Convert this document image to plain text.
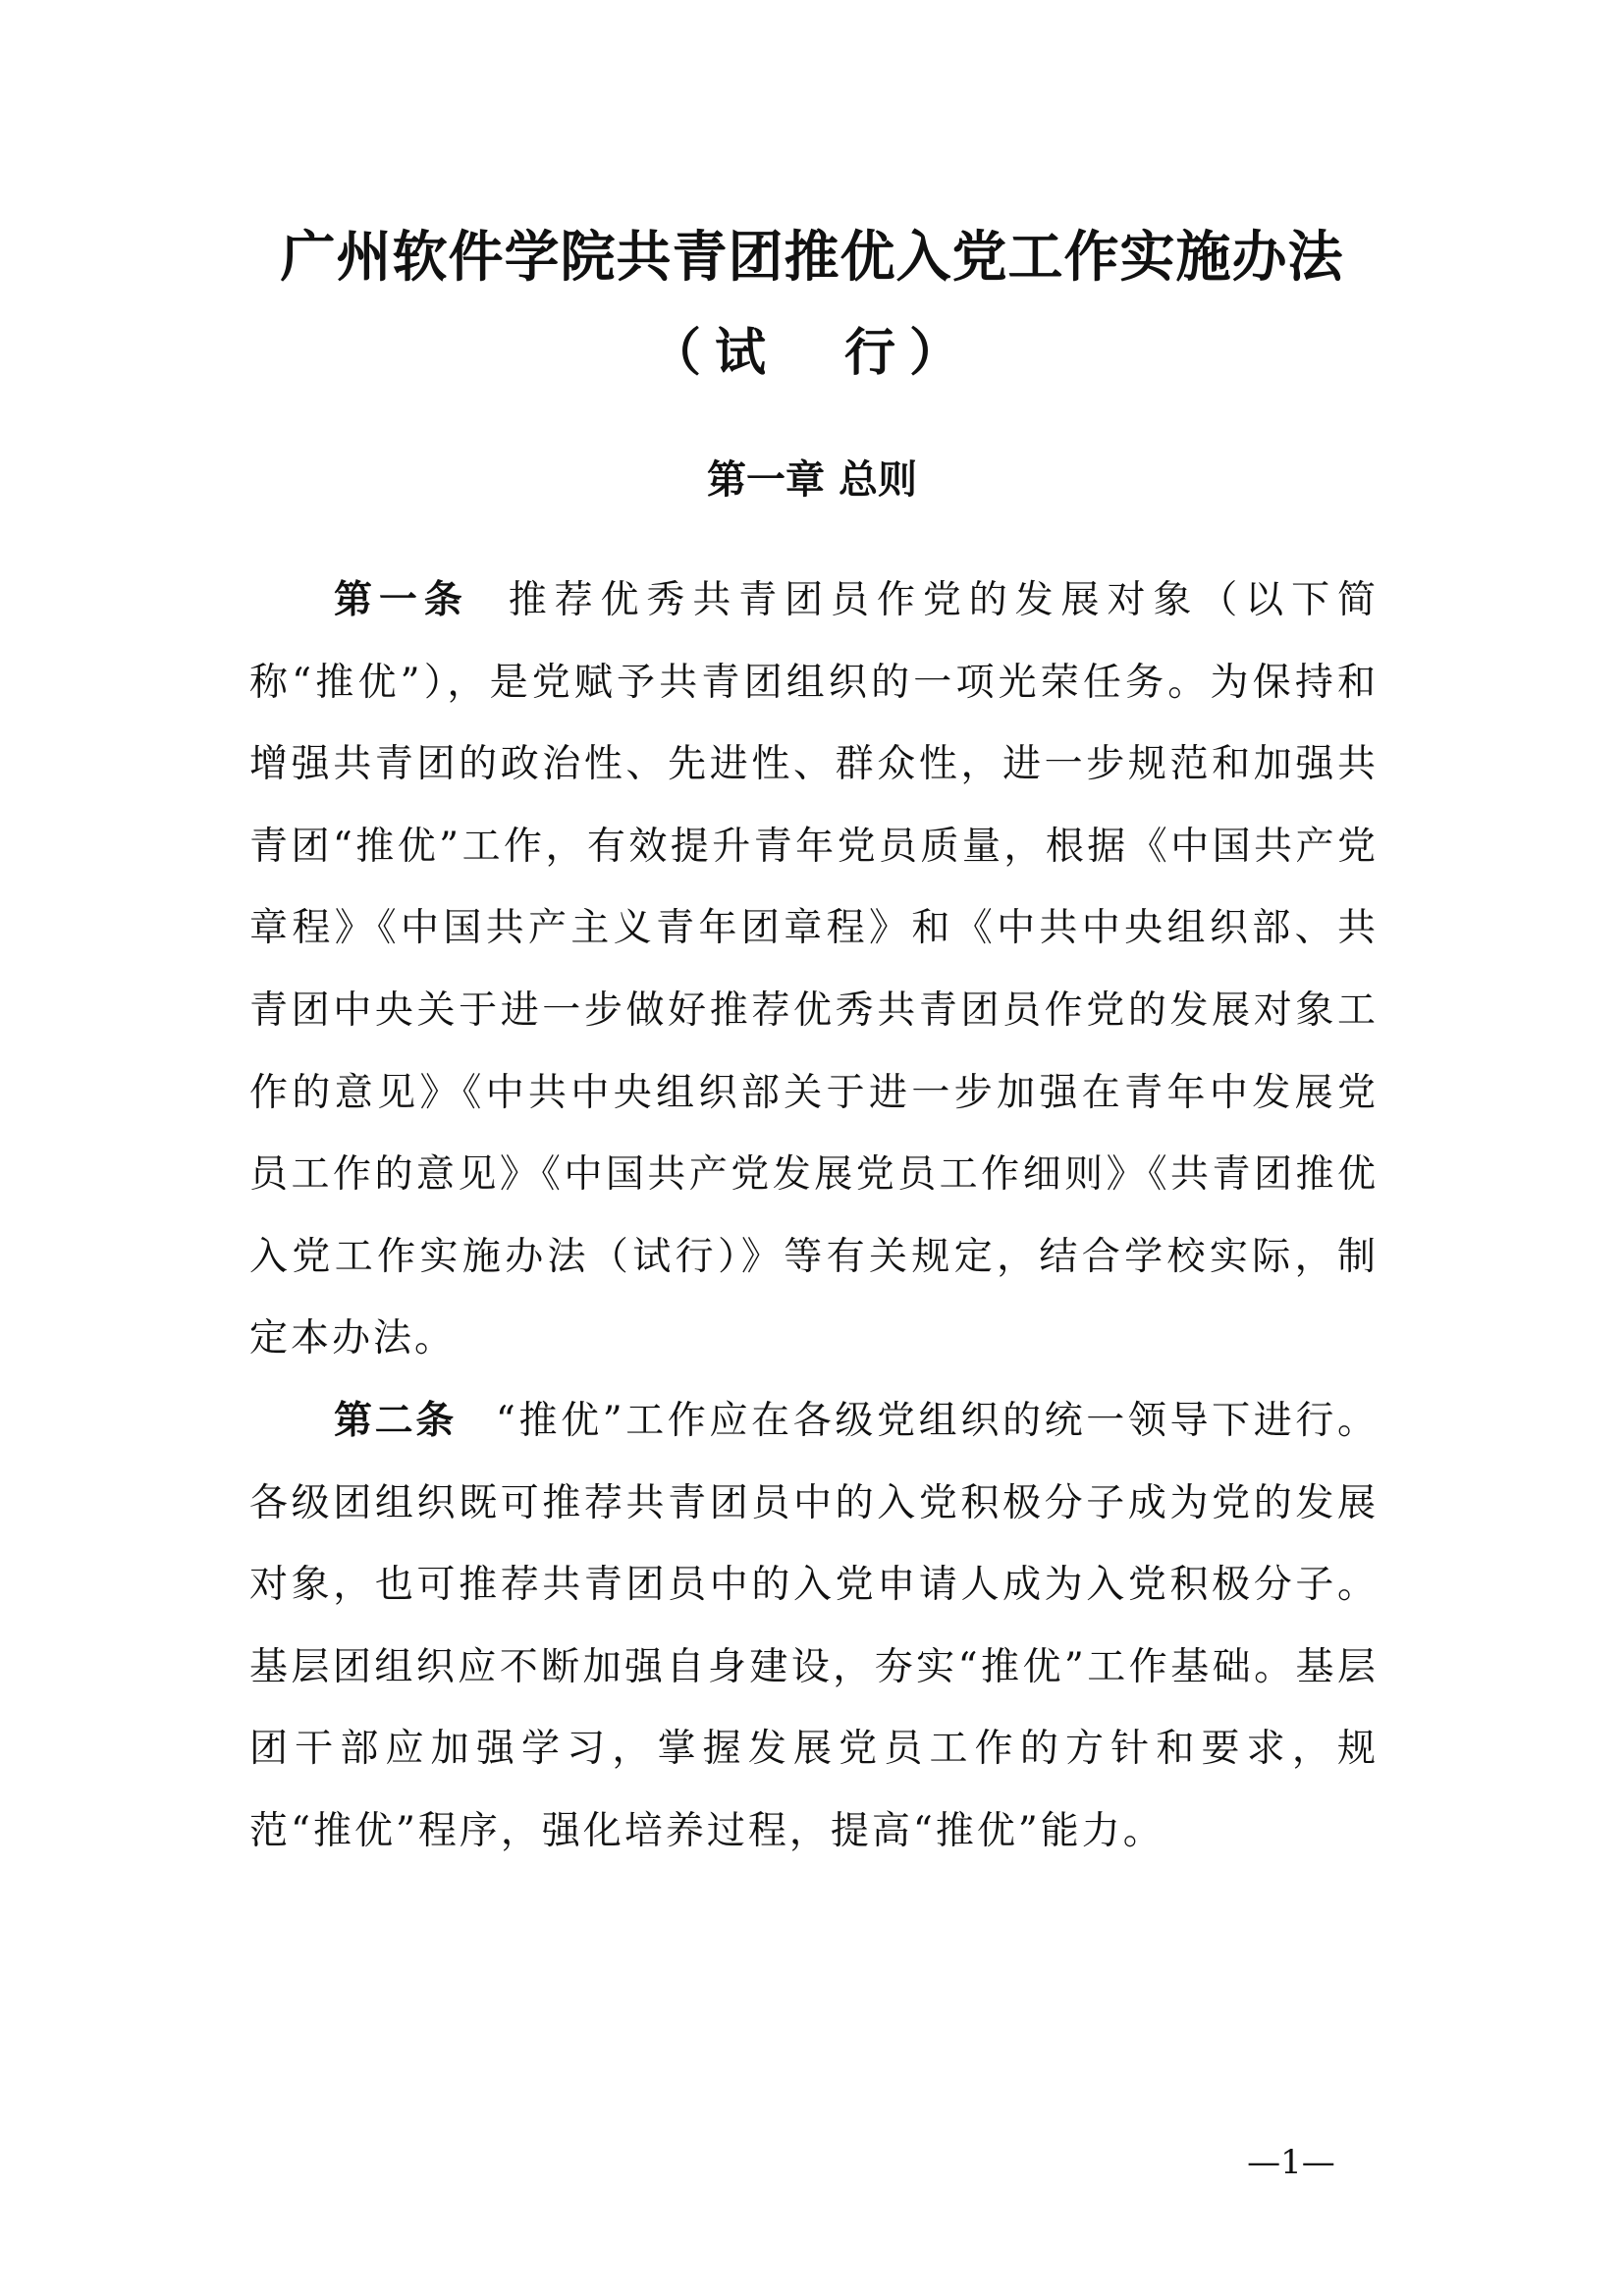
广州软件学院共青团推优入党工作实施办法
（试　行）
第一章 总则

第一条 推荐优秀共青团员作党的发展对象（以下简称“推优”），是党赋予共青团组织的一项光荣任务。为保持和增强共青团的政治性、先进性、群众性，进一步规范和加强共青团“推优”工作，有效提升青年党员质量，根据《中国共产党章程》《中国共产主义青年团章程》和《中共中央组织部、共青团中央关于进一步做好推荐优秀共青团员作党的发展对象工作的意见》《中共中央组织部关于进一步加强在青年中发展党员工作的意见》《中国共产党发展党员工作细则》《共青团推优入党工作实施办法（试行）》等有关规定，结合学校实际，制定本办法。

第二条 “推优”工作应在各级党组织的统一领导下进行。各级团组织既可推荐共青团员中的入党积极分子成为党的发展对象，也可推荐共青团员中的入党申请人成为入党积极分子。基层团组织应不断加强自身建设，夯实“推优”工作基础。基层团干部应加强学习，掌握发展党员工作的方针和要求，规范“推优”程序，强化培养过程，提高“推优”能力。

—1—
